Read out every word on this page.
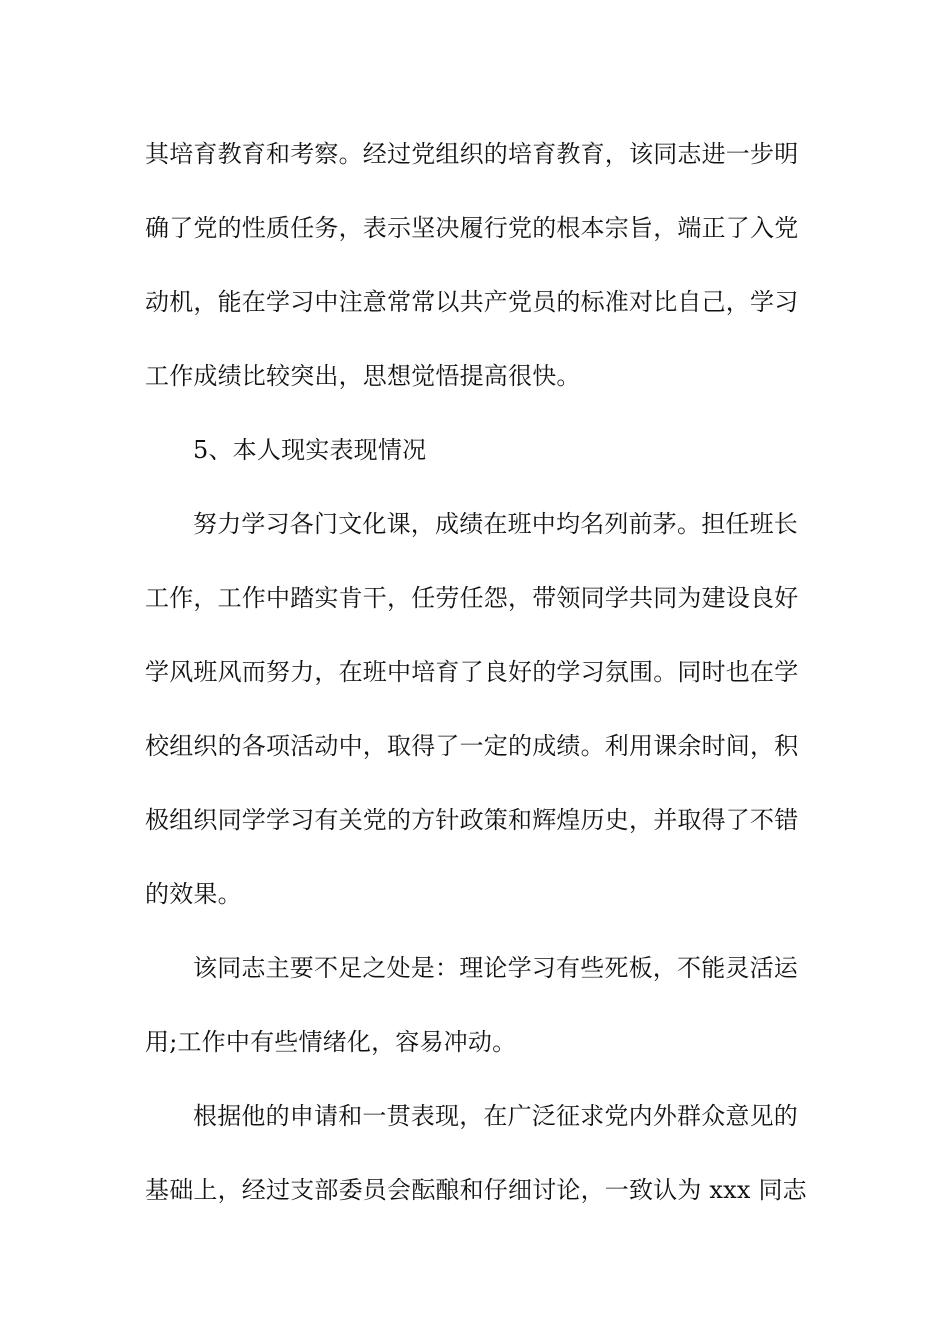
其培育教育和考察。经过党组织的培育教育，该同志进一步明
确了党的性质任务，表示坚决履行党的根本宗旨，端正了入党
动机，能在学习中注意常常以共产党员的标准对比自己，学习
工作成绩比较突出，思想觉悟提高很快。
5、本人现实表现情况
努力学习各门文化课，成绩在班中均名列前茅。担任班长
工作，工作中踏实肯干，任劳任怨，带领同学共同为建设良好
学风班风而努力，在班中培育了良好的学习氛围。同时也在学
校组织的各项活动中，取得了一定的成绩。利用课余时间，积
极组织同学学习有关党的方针政策和辉煌历史，并取得了不错
的效果。
该同志主要不足之处是：理论学习有些死板，不能灵活运
用;工作中有些情绪化，容易冲动。
根据他的申请和一贯表现，在广泛征求党内外群众意见的
基础上，经过支部委员会酝酿和仔细讨论，一致认为 xxx 同志
